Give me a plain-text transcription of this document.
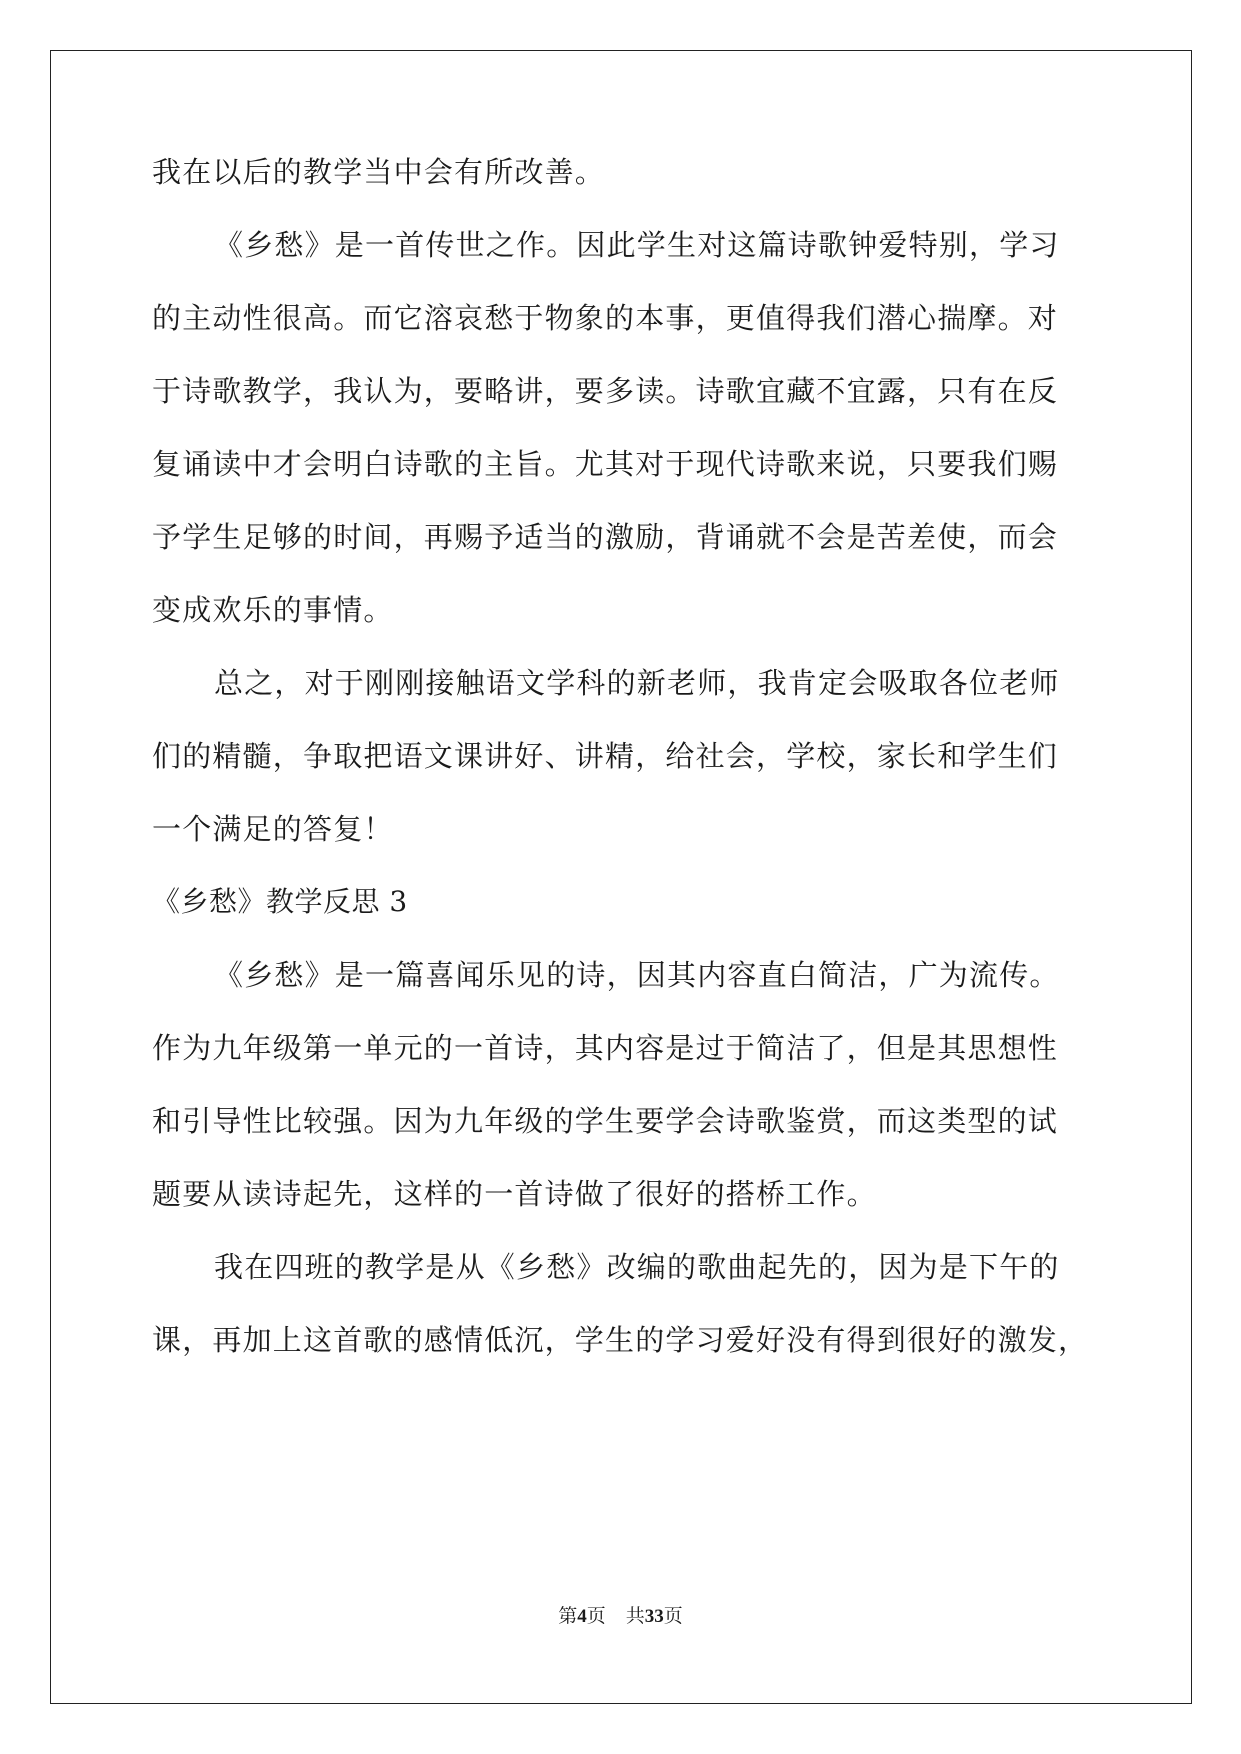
我在以后的教学当中会有所改善。
《乡愁》是一首传世之作。因此学生对这篇诗歌钟爱特别，学习
的主动性很高。而它溶哀愁于物象的本事，更值得我们潜心揣摩。对
于诗歌教学，我认为，要略讲，要多读。诗歌宜藏不宜露，只有在反
复诵读中才会明白诗歌的主旨。尤其对于现代诗歌来说，只要我们赐
予学生足够的时间，再赐予适当的激励，背诵就不会是苦差使，而会
变成欢乐的事情。
总之，对于刚刚接触语文学科的新老师，我肯定会吸取各位老师
们的精髓，争取把语文课讲好、讲精，给社会，学校，家长和学生们
一个满足的答复！
《乡愁》教学反思 3
《乡愁》是一篇喜闻乐见的诗，因其内容直白简洁，广为流传。
作为九年级第一单元的一首诗，其内容是过于简洁了，但是其思想性
和引导性比较强。因为九年级的学生要学会诗歌鉴赏，而这类型的试
题要从读诗起先，这样的一首诗做了很好的搭桥工作。
我在四班的教学是从《乡愁》改编的歌曲起先的，因为是下午的
课，再加上这首歌的感情低沉，学生的学习爱好没有得到很好的激发，
第4页 共33页
